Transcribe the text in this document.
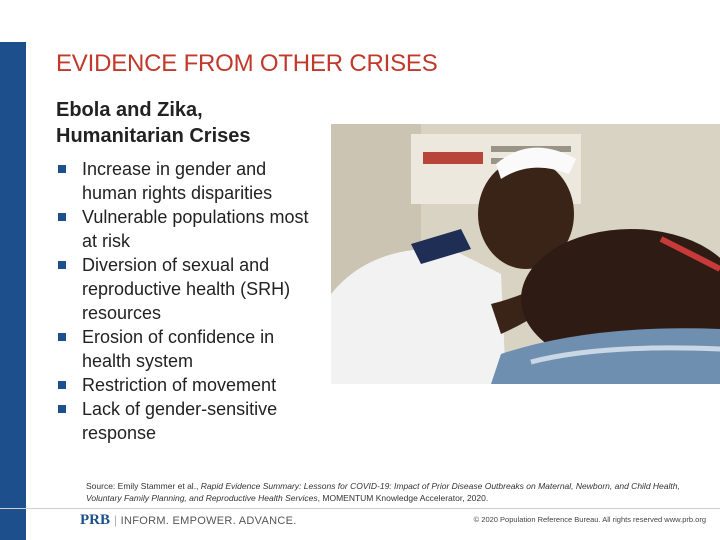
EVIDENCE FROM OTHER CRISES
Ebola and Zika,
Humanitarian Crises
Increase in gender and human rights disparities
Vulnerable populations most at risk
Diversion of sexual and reproductive health (SRH) resources
Erosion of confidence in health system
Restriction of movement
Lack of gender-sensitive response
Source: Emily Stammer et al., Rapid Evidence Summary: Lessons for COVID-19: Impact of Prior Disease Outbreaks on Maternal, Newborn, and Child Health, Voluntary Family Planning, and Reproductive Health Services, MOMENTUM Knowledge Accelerator, 2020.
PRB | INFORM. EMPOWER. ADVANCE.	© 2020 Population Reference Bureau. All rights reserved www.prb.org
